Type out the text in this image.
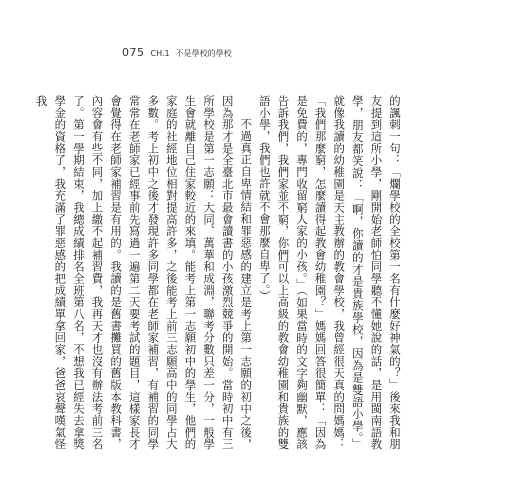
075 CH.1 不是學校的學校

的諷刺一句：「爛學校的全校第一名有什麼好神氣的？」後來我和朋友提到這所小學，剛開始老師怕同學聽不懂她說的話，是用閩南語教學，朋友都笑說：「啊，你讀的才是貴族學校，因為是雙語小學。」就像我讀的幼稚園是天主教辦的教會學校，我曾經很天真的問媽媽：「我們那麼窮，怎麼讀得起教會幼稚園？」媽媽回答很簡單：「因為是免費的，專門收留窮人家的小孩。」（如果當時的文字夠幽默，應該告訴我們，我們家並不窮，你們可以上高級的教會幼稚園和貴族的雙語小學，我們也許就不會那麼自卑了。）

不過真正自卑情結和罪惡感的建立是考上第一志願的初中之後，因為那才是全臺北市最會讀書的小孩激烈競爭的開始。當時初中有三所學校是第一志願：大同、萬華和成淵，聯考分數只差一分，一般學生會就離自己住家較近的來填。能考上第一志願初中的學生，他們的家庭的社經地位相對提高許多，之後能考上前三志願高中的同學占大多數。考上初中之後才發現許多同學都在老師家補習，有補習的同學常常在老師家已經事前先寫過一遍第二天要考試的題目，這樣家長才會覺得在老師家補習是有用的。我讀的是舊書攤買的舊版本教科書，內容會有些不同，加上繳不起補習費，我再天才也沒有辦法考前三名了。第一學期結束，我總成績排名全班第八名，不想我已經失去拿獎學金的資格了，我充滿了罪惡感的把成績單拿回家，爸爸哀聲嘆氣怪我
